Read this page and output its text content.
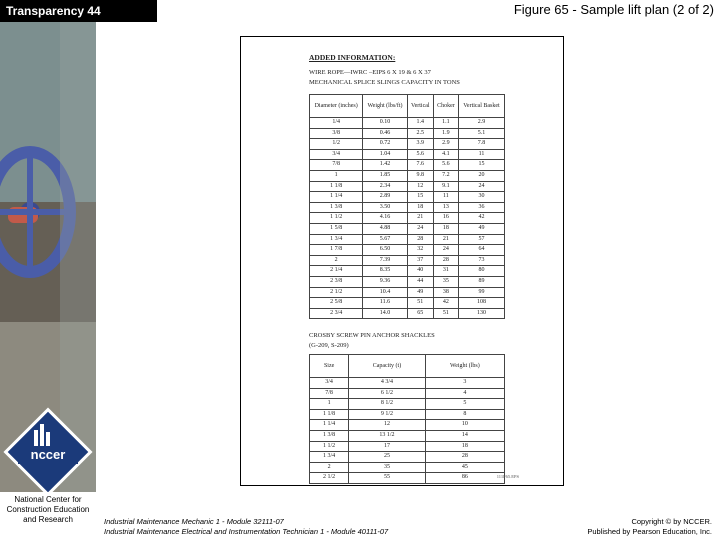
Transparency 44	Figure 65 - Sample lift plan (2 of 2)
nccer
National Center for Construction Education and Research	Industrial Maintenance Mechanic 1 - Module 32111-07
Industrial Maintenance Electrical and Instrumentation Technician 1 - Module 40111-07
Copyright © by NCCER.
Published by Pearson Education, Inc.
ADDED INFORMATION:
WIRE ROPE—IWRC –EIPS 6 X 19 & 6 X 37
MECHANICAL SPLICE SLINGS CAPACITY IN TONS
Diameter (inches)	Weight (lbs/ft)	Vertical	Choker	Vertical Basket
1/4	0.10	1.4	1.1	2.9
3/8	0.46	2.5	1.9	5.1
1/2	0.72	3.9	2.9	7.8
3/4	1.04	5.6	4.1	11
7/8	1.42	7.6	5.6	15
1	1.85	9.8	7.2	20
1 1/8	2.34	12	9.1	24
1 1/4	2.89	15	11	30
1 3/8	3.50	18	13	36
1 1/2	4.16	21	16	42
1 5/8	4.88	24	18	49
1 3/4	5.67	28	21	57
1 7/8	6.50	32	24	64
2	7.39	37	28	73
2 1/4	8.35	40	31	80
2 3/8	9.36	44	35	89
2 1/2	10.4	49	38	99
2 5/8	11.6	51	42	108
2 3/4	14.0	65	51	130
CROSBY SCREW PIN ANCHOR SHACKLES
(G-209, S-209)
Size	Capacity (t)	Weight (lbs)
3/4	4 3/4	3
7/8	6 1/2	4
1	8 1/2	5
1 1/8	9 1/2	8
1 1/4	12	10
1 3/8	13 1/2	14
1 1/2	17	18
1 3/4	25	28
2	35	45
2 1/2	55	86	111F65.EPS
